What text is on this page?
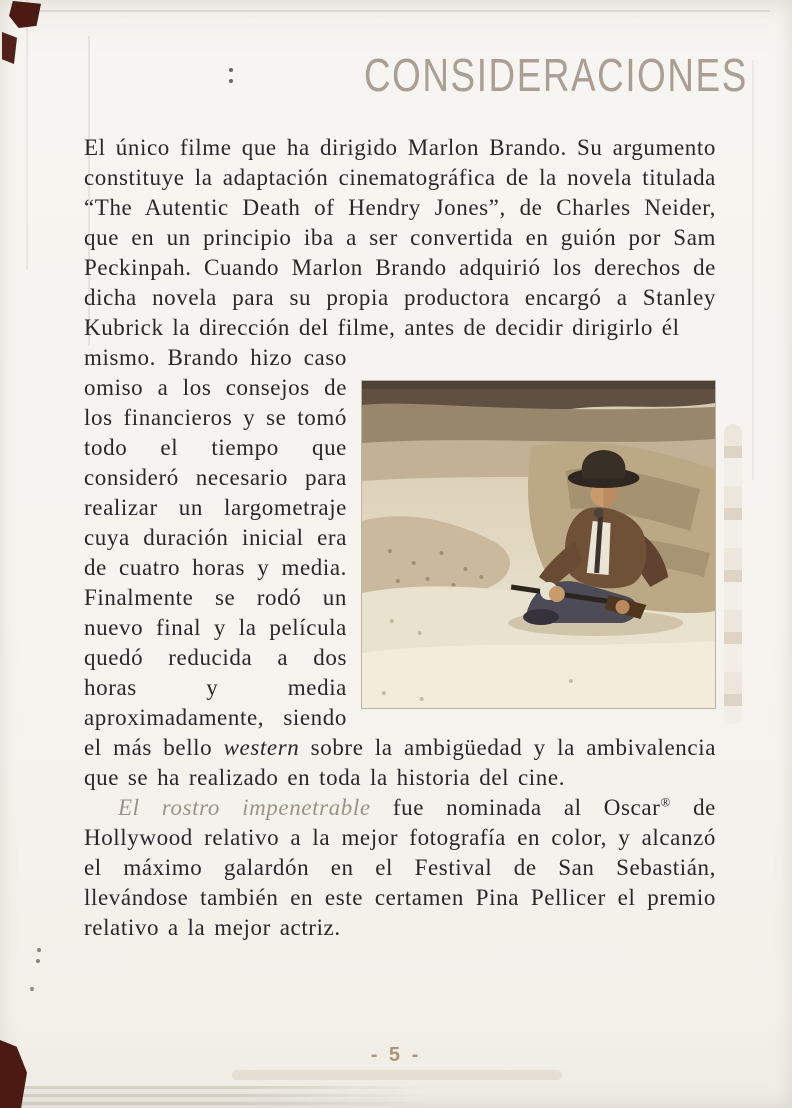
CONSIDERACIONES

El único filme que ha dirigido Marlon Brando. Su argumento constituye la adaptación cinematográfica de la novela titulada “The Autentic Death of Hendry Jones”, de Charles Neider, que en un principio iba a ser convertida en guión por Sam Peckinpah. Cuando Marlon Brando adquirió los derechos de dicha novela para su propia productora encargó a Stanley Kubrick la dirección del filme, antes de decidir dirigirlo él

mismo. Brando hizo caso omiso a los consejos de los financieros y se tomó todo el tiempo que consideró necesario para realizar un largometraje cuya duración inicial era de cuatro horas y media. Finalmente se rodó un nuevo final y la película quedó reducida a dos horas y media aproximadamente, siendo el más bello western sobre la ambigüedad y la ambivalencia que se ha realizado en toda la historia del cine.

El rostro impenetrable fue nominada al Oscar® de Hollywood relativo a la mejor fotografía en color, y alcanzó el máximo galardón en el Festival de San Sebastián, llevándose también en este certamen Pina Pellicer el premio relativo a la mejor actriz.

- 5 -
